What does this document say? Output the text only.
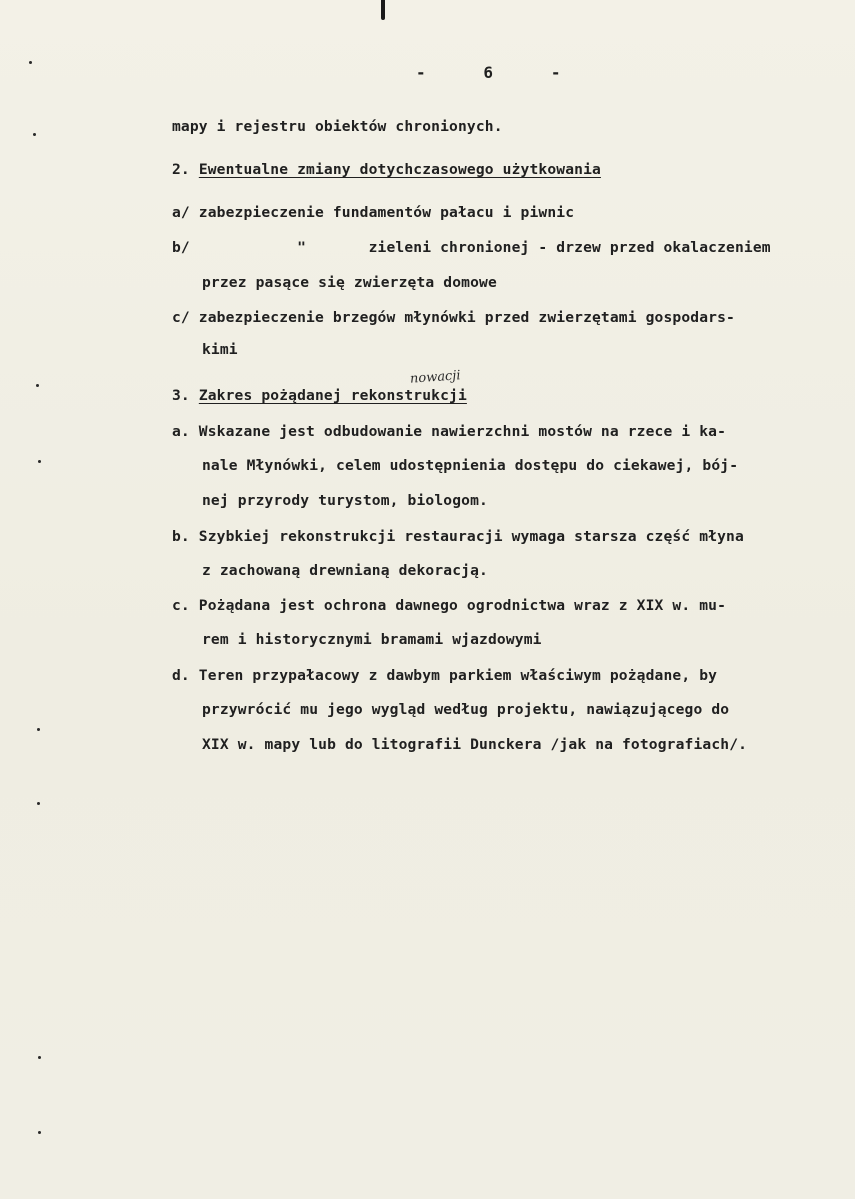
-      6      -
mapy i rejestru obiektów chronionych.
2. Ewentualne zmiany dotychczasowego użytkowania
a/ zabezpieczenie fundamentów pałacu i piwnic
b/            "       zieleni chronionej - drzew przed okalaczeniem
przez pasące się zwierzęta domowe
c/ zabezpieczenie brzegów młynówki przed zwierzętami gospodars-
kimi
nowacji
3. Zakres pożądanej rekonstrukcji
a. Wskazane jest odbudowanie nawierzchni mostów na rzece i ka-
nale Młynówki, celem udostępnienia dostępu do ciekawej, bój-
nej przyrody turystom, biologom.
b. Szybkiej rekonstrukcji restauracji wymaga starsza część młyna
z zachowaną drewnianą dekoracją.
c. Pożądana jest ochrona dawnego ogrodnictwa wraz z XIX w. mu-
rem i historycznymi bramami wjazdowymi
d. Teren przypałacowy z dawbym parkiem właściwym pożądane, by
przywrócić mu jego wygląd według projektu, nawiązującego do
XIX w. mapy lub do litografii Dunckera /jak na fotografiach/.
